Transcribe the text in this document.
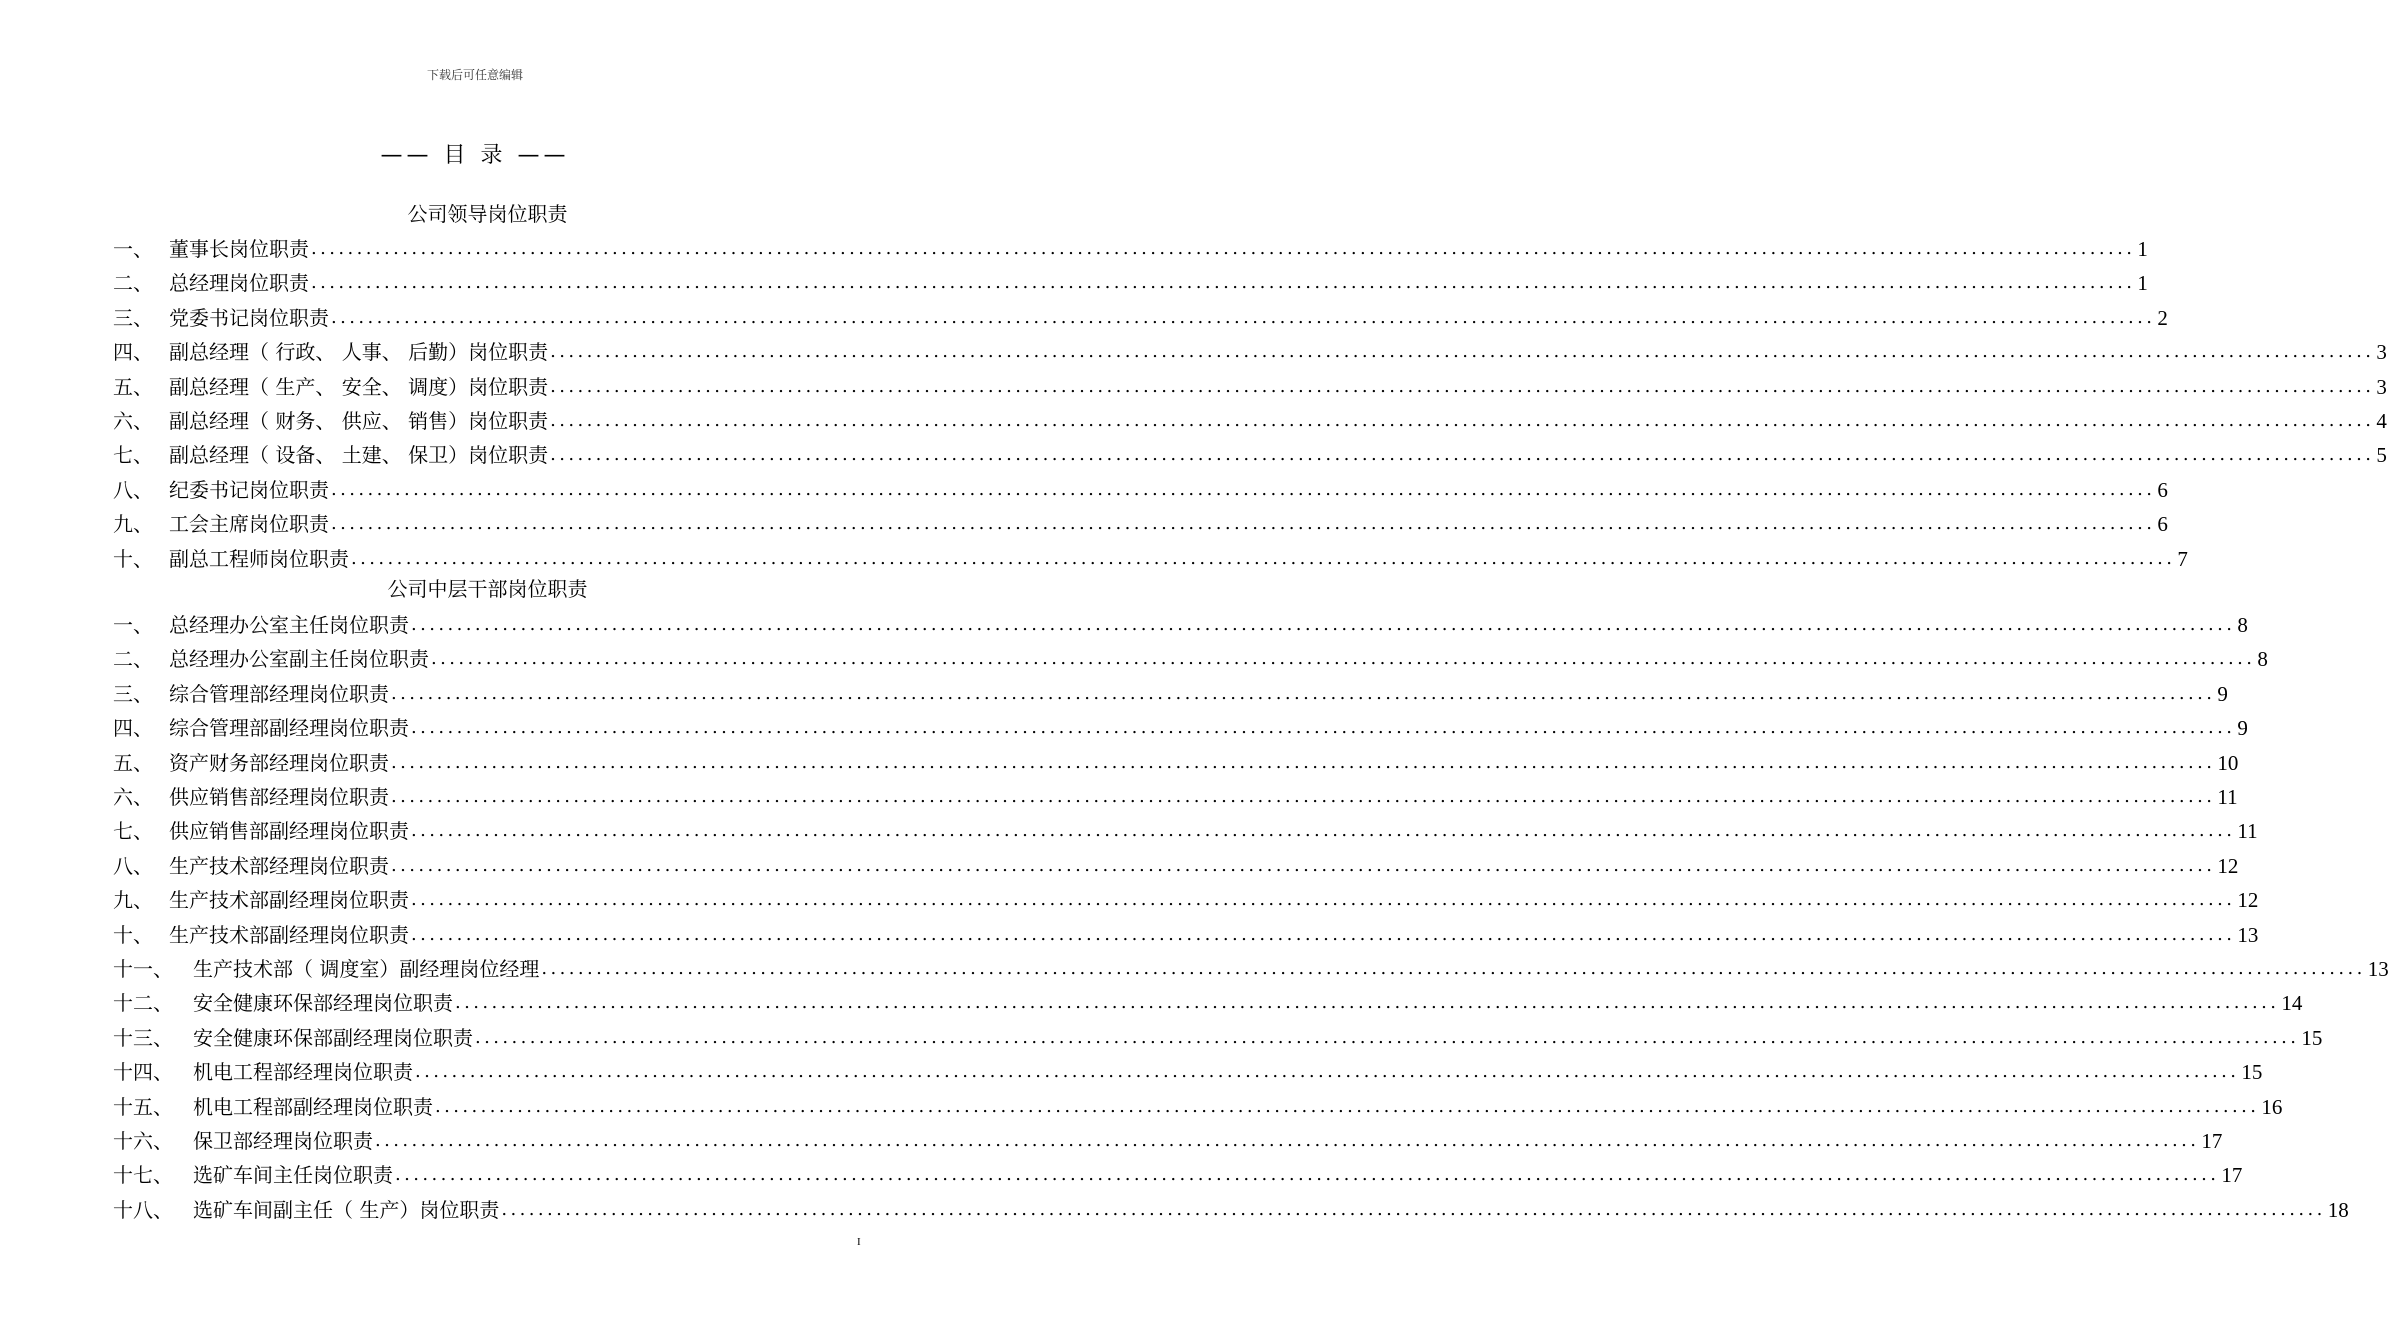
下载后可任意编辑
—— 目 录 ——
公司领导岗位职责
一、 董事长岗位职责 ........................................................................................................................................................................................................ 1
二、 总经理岗位职责 ........................................................................................................................................................................................................ 1
三、 党委书记岗位职责 ........................................................................................................................................................................................................ 2
四、 副总经理（ 行政、 人事、 后勤）岗位职责 ........................................................................................................................................................................................................ 3
五、 副总经理（ 生产、 安全、 调度）岗位职责 ........................................................................................................................................................................................................ 3
六、 副总经理（ 财务、 供应、 销售）岗位职责 ........................................................................................................................................................................................................ 4
七、 副总经理（ 设备、 土建、 保卫）岗位职责 ........................................................................................................................................................................................................ 5
八、 纪委书记岗位职责 ........................................................................................................................................................................................................ 6
九、 工会主席岗位职责 ........................................................................................................................................................................................................ 6
十、 副总工程师岗位职责 ........................................................................................................................................................................................................ 7
公司中层干部岗位职责
一、 总经理办公室主任岗位职责 ........................................................................................................................................................................................................ 8
二、 总经理办公室副主任岗位职责 ........................................................................................................................................................................................................ 8
三、 综合管理部经理岗位职责 ........................................................................................................................................................................................................ 9
四、 综合管理部副经理岗位职责 ........................................................................................................................................................................................................ 9
五、 资产财务部经理岗位职责 ........................................................................................................................................................................................................ 10
六、 供应销售部经理岗位职责 ........................................................................................................................................................................................................ 11
七、 供应销售部副经理岗位职责 ........................................................................................................................................................................................................ 11
八、 生产技术部经理岗位职责 ........................................................................................................................................................................................................ 12
九、 生产技术部副经理岗位职责 ........................................................................................................................................................................................................ 12
十、 生产技术部副经理岗位职责 ........................................................................................................................................................................................................ 13
十一、	生产技术部（ 调度室）副经理岗位经理 ........................................................................................................................................................................................................ 13
十二、	安全健康环保部经理岗位职责 ........................................................................................................................................................................................................ 14
十三、	安全健康环保部副经理岗位职责 ........................................................................................................................................................................................................ 15
十四、	机电工程部经理岗位职责 ........................................................................................................................................................................................................ 15
十五、	机电工程部副经理岗位职责 ........................................................................................................................................................................................................ 16
十六、	保卫部经理岗位职责 ........................................................................................................................................................................................................ 17
十七、	选矿车间主任岗位职责 ........................................................................................................................................................................................................ 17
十八、	选矿车间副主任（ 生产）岗位职责 ........................................................................................................................................................................................................ 18
I
